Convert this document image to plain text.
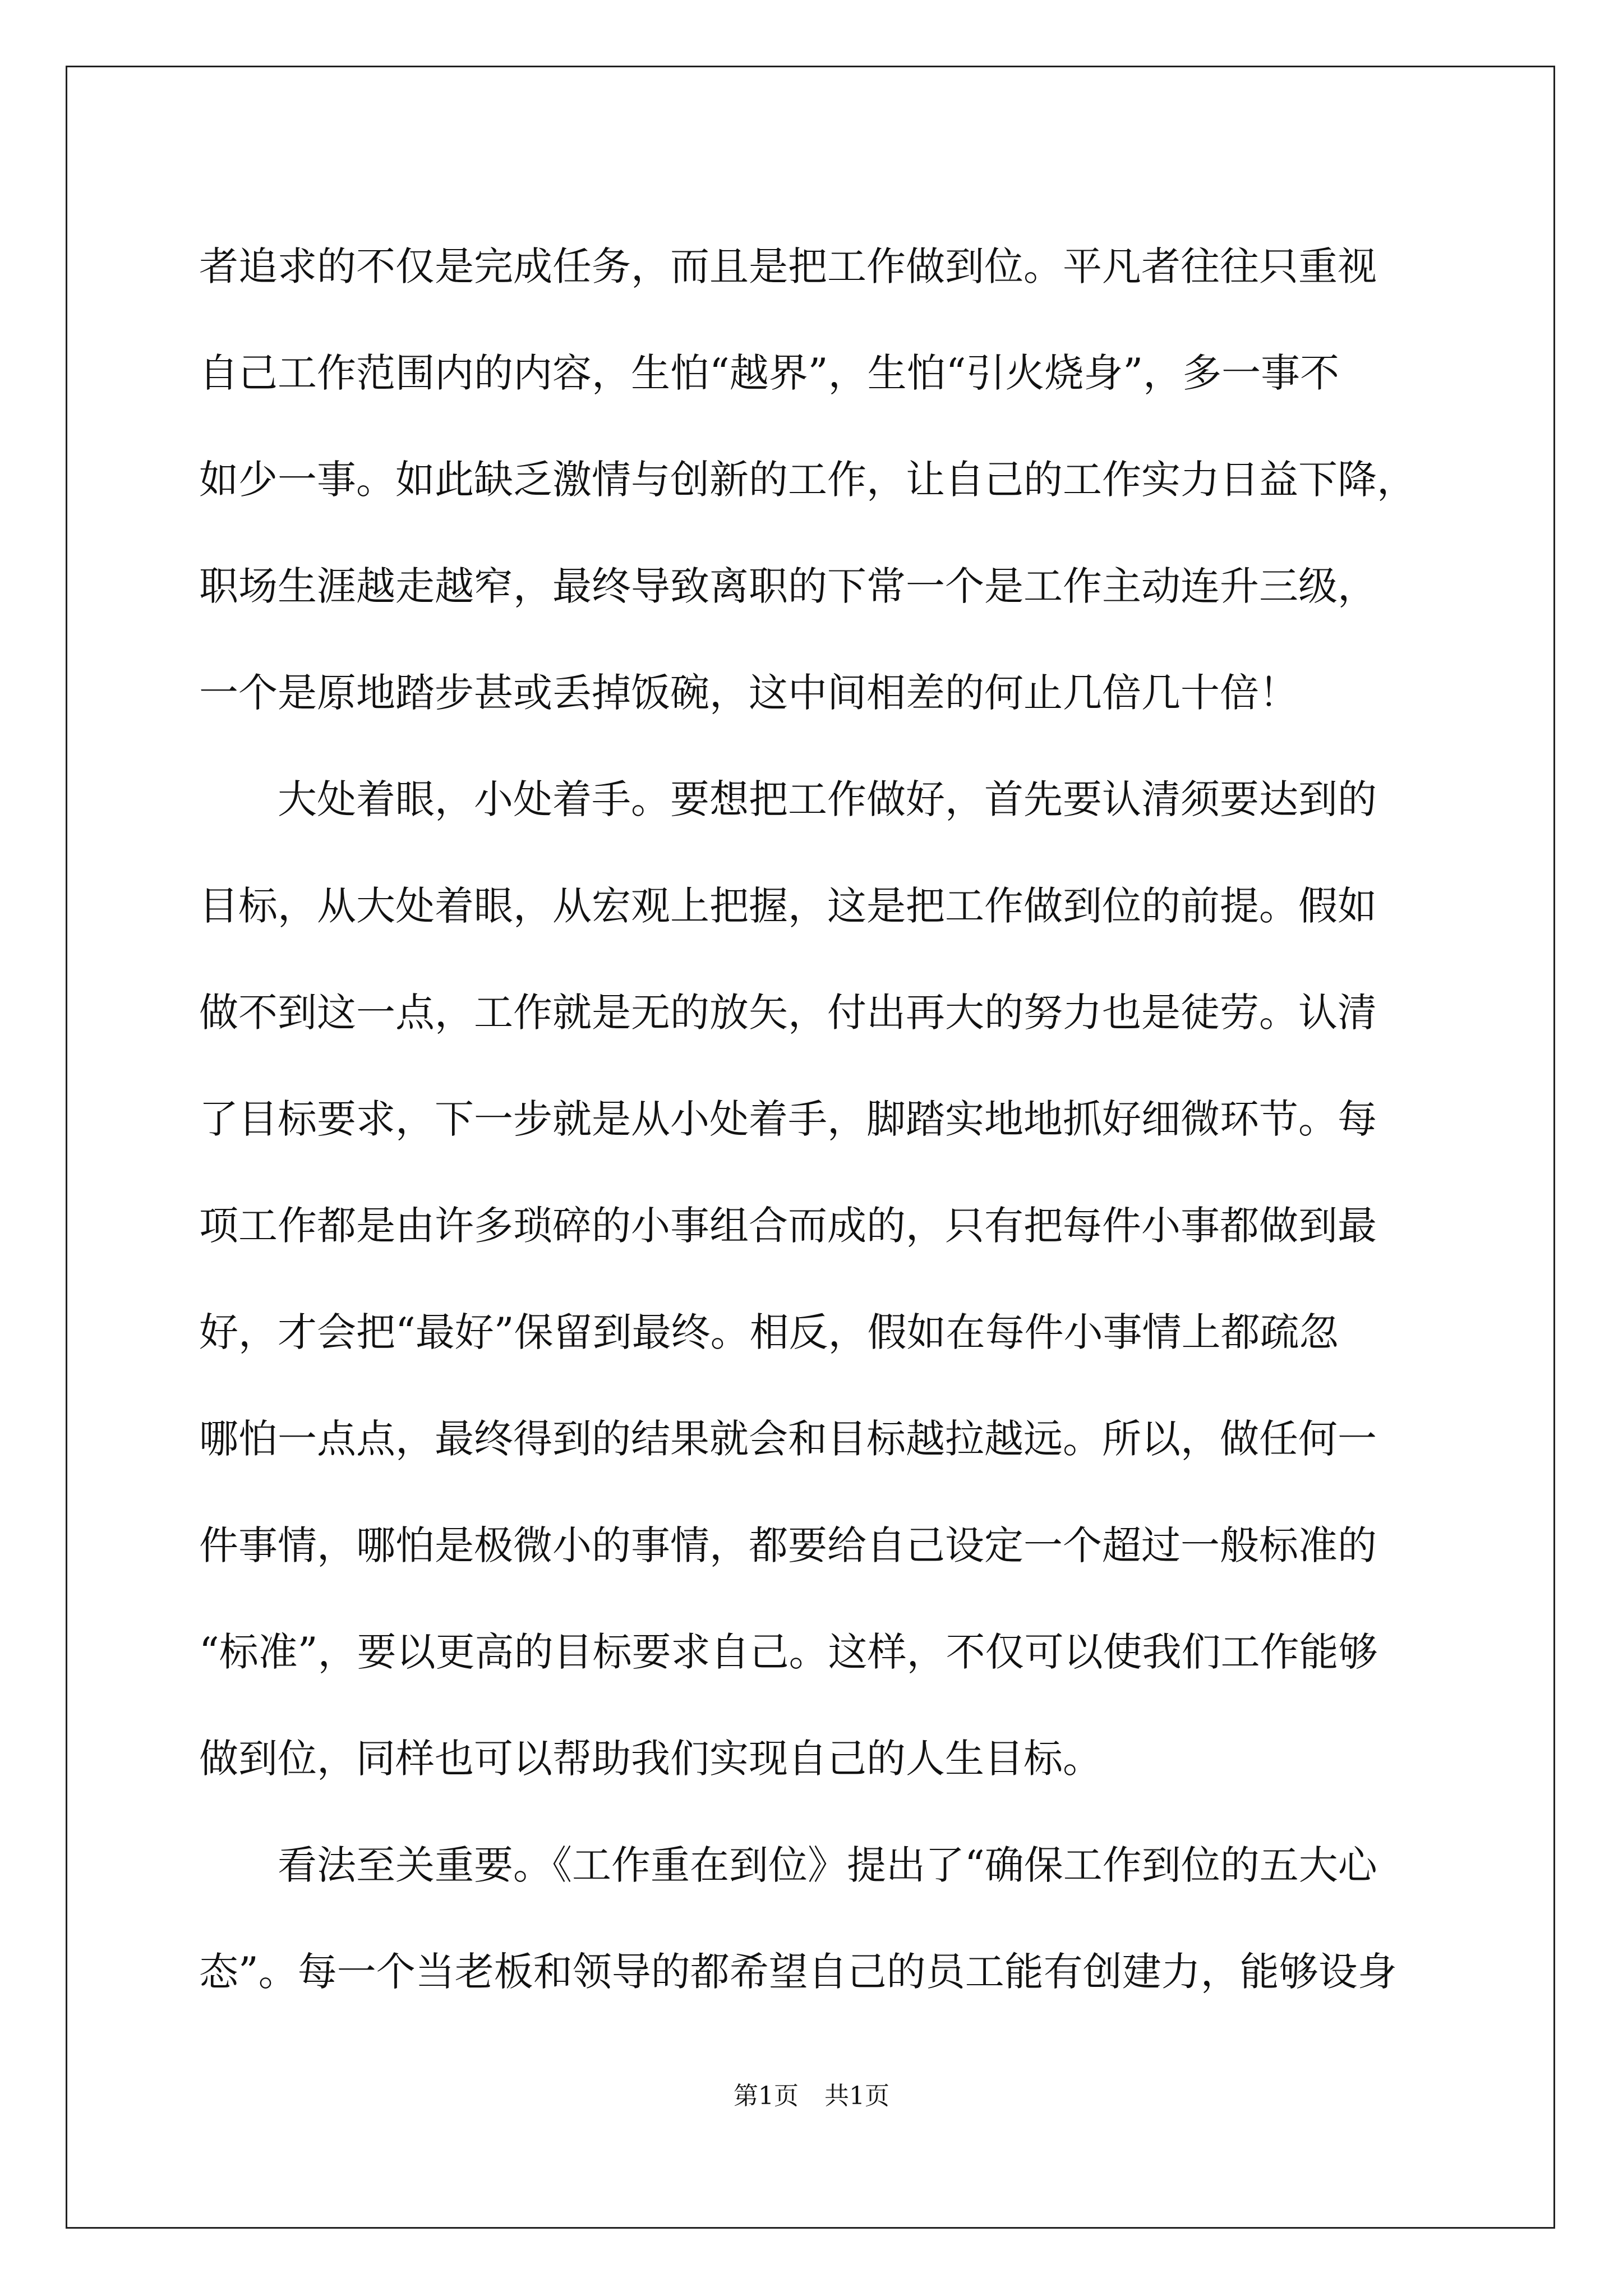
者追求的不仅是完成任务，而且是把工作做到位。平凡者往往只重视
自己工作范围内的内容，生怕“越界”，生怕“引火烧身”，多一事不
如少一事。如此缺乏激情与创新的工作，让自己的工作实力日益下降，
职场生涯越走越窄，最终导致离职的下常一个是工作主动连升三级，
一个是原地踏步甚或丢掉饭碗，这中间相差的何止几倍几十倍！
大处着眼，小处着手。要想把工作做好，首先要认清须要达到的
目标，从大处着眼，从宏观上把握，这是把工作做到位的前提。假如
做不到这一点，工作就是无的放矢，付出再大的努力也是徒劳。认清
了目标要求，下一步就是从小处着手，脚踏实地地抓好细微环节。每
项工作都是由许多琐碎的小事组合而成的，只有把每件小事都做到最
好，才会把“最好”保留到最终。相反，假如在每件小事情上都疏忽
哪怕一点点，最终得到的结果就会和目标越拉越远。所以，做任何一
件事情，哪怕是极微小的事情，都要给自己设定一个超过一般标准的
“标准”，要以更高的目标要求自己。这样，不仅可以使我们工作能够
做到位，同样也可以帮助我们实现自己的人生目标。
看法至关重要。《工作重在到位》提出了“确保工作到位的五大心
态”。每一个当老板和领导的都希望自己的员工能有创建力，能够设身
第1页 共1页
